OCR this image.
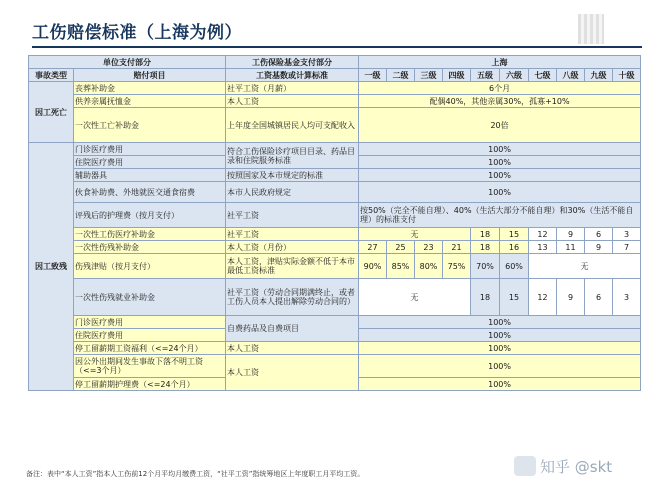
工伤赔偿标准（上海为例）
单位支付部分		工伤保险基金支付部分	上海									
事故类型	赔付项目	工资基数或计算标准	一级	二级	三级	四级	五级	六级	七级	八级	九级	十级
因工死亡	丧葬补助金	社平工资（月薪）	6个月									
	供养亲属抚恤金	本人工资	配偶40%，其他亲属30%，孤寡+10%									
	一次性工亡补助金	上年度全国城镇居民人均可支配收入	20倍									
因工致残	门诊医疗费用	符合工伤保险诊疗项目目录、药品目录和住院服务标准	100%									
	住院医疗费用		100%									
	辅助器具	按照国家及本市规定的标准	100%									
	伙食补助费、外地就医交通食宿费	本市人民政府规定	100%									
	评残后的护理费（按月支付）	社平工资	按50%（完全不能自理）、40%（生活大部分不能自理）和30%（生活不能自理）的标准支付									
	一次性工伤医疗补助金	社平工资	无				18	15	12	9	6	3
	一次性伤残补助金	本人工资（月份）	27	25	23	21	18	16	13	11	9	7
	伤残津贴（按月支付）	本人工资，津贴实际金额不低于本市最低工资标准	90%	85%	80%	75%	70%	60%	无			
	一次性伤残就业补助金	社平工资（劳动合同期满终止，或者工伤人员本人提出解除劳动合同的）	无				18	15	12	9	6	3
	门诊医疗费用	自费药品及自费项目	100%									
	住院医疗费用		100%									
	停工留薪期工资福利（<=24个月）	本人工资	100%									
	因公外出期间发生事故下落不明工资（<=3个月）	本人工资	100%									
	停工留薪期护理费（<=24个月）		100%									
备注：表中“本人工资”指本人工伤前12个月平均月缴费工资，“社平工资”指统筹地区上年度职工月平均工资。	知乎 @skt
